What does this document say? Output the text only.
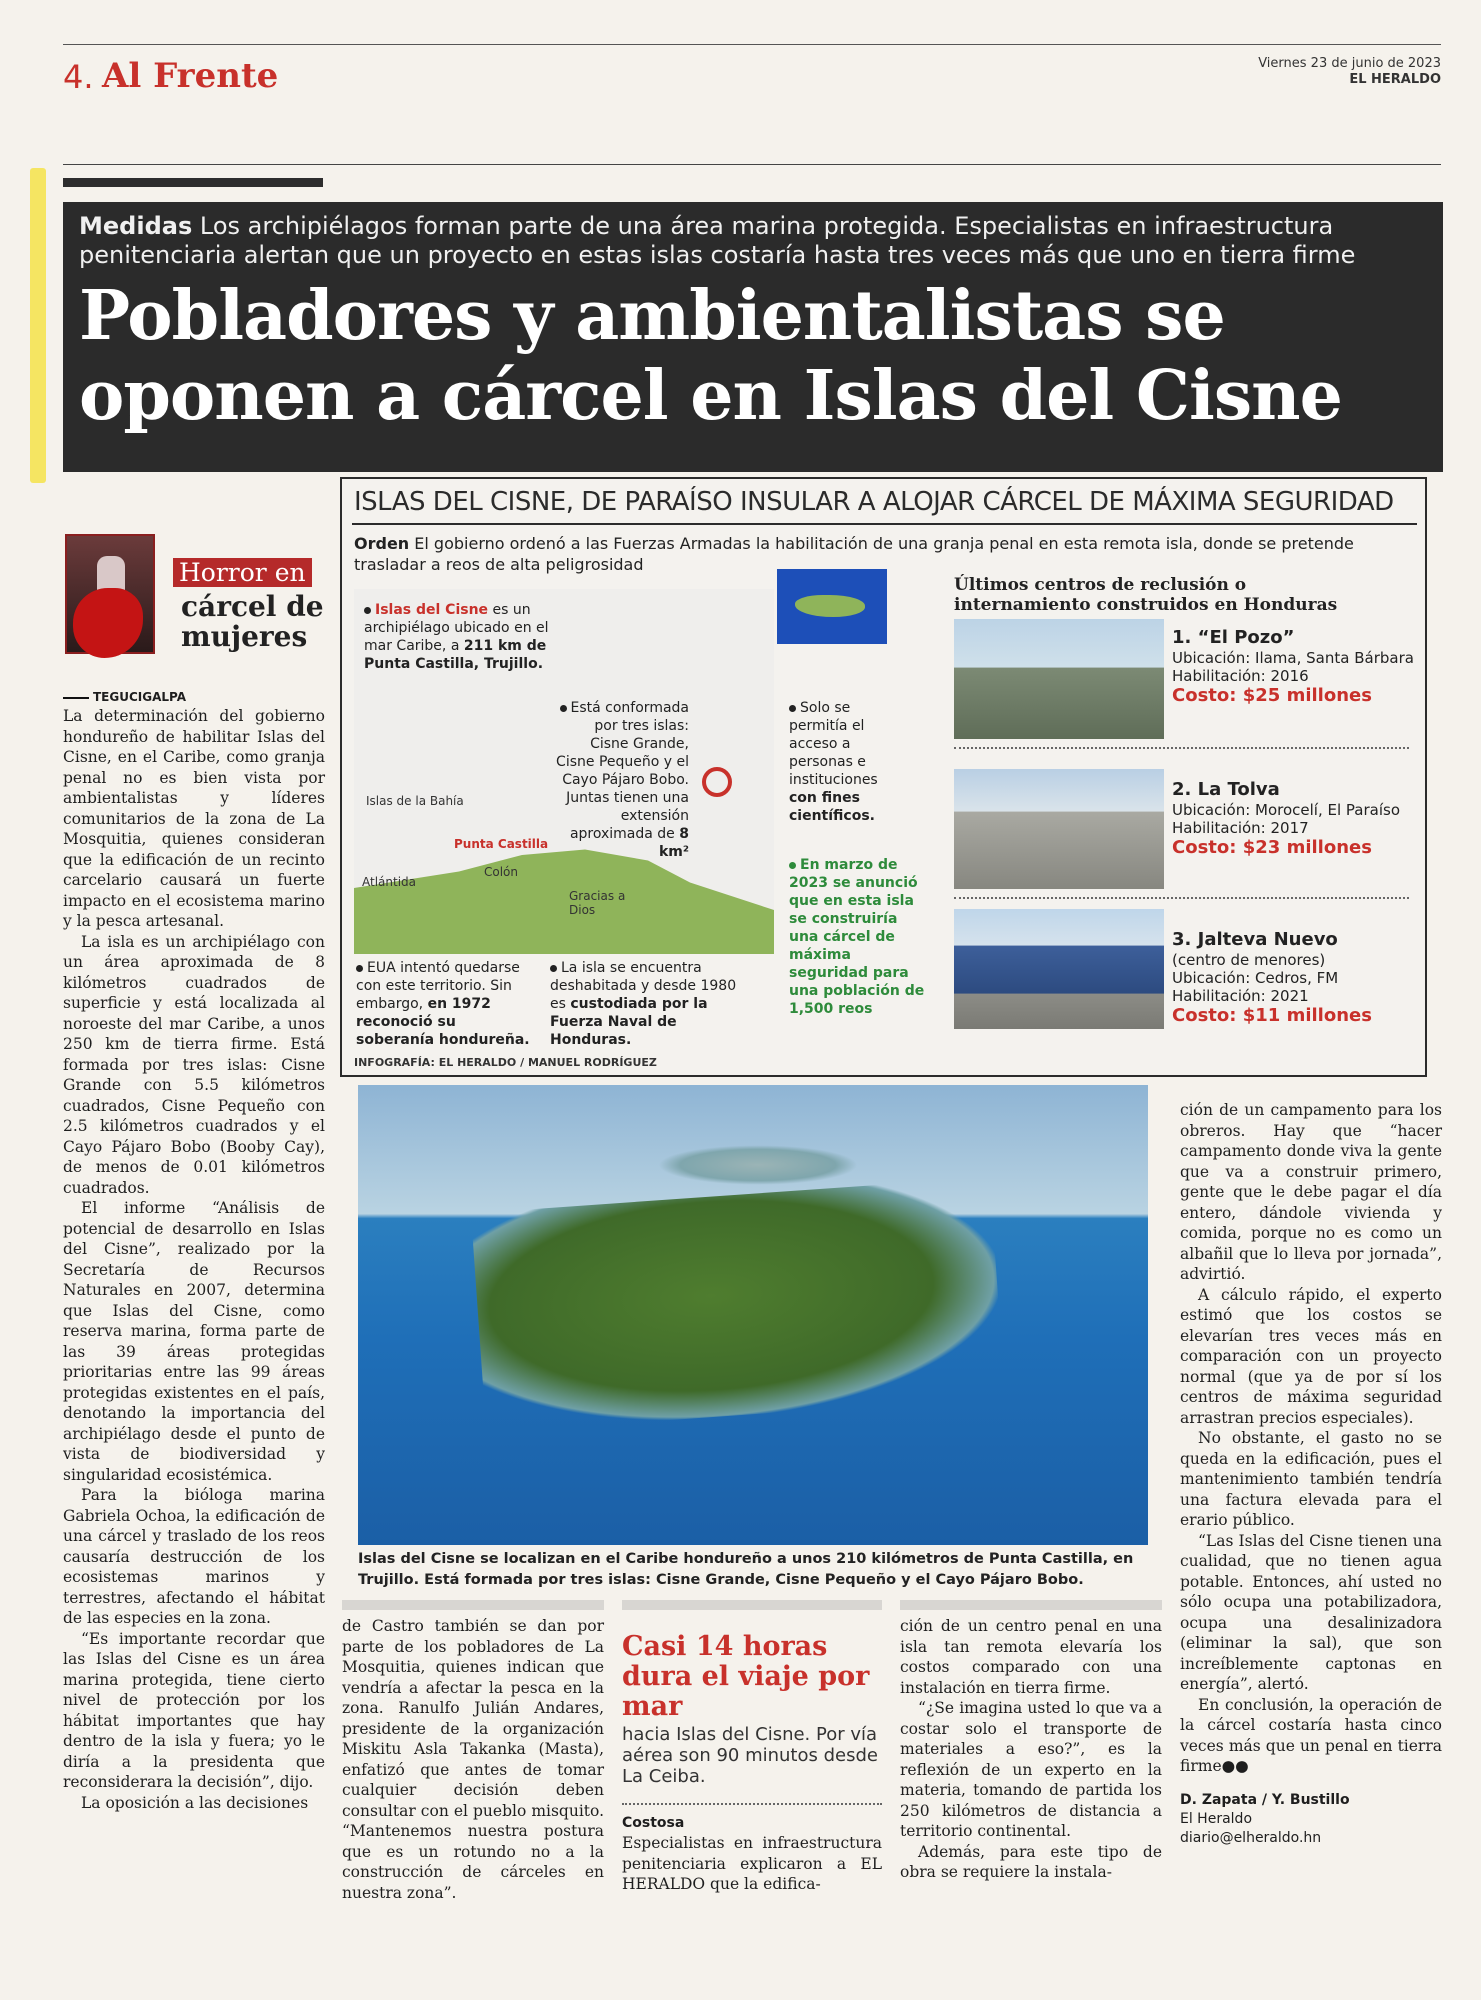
4. Al Frente	Viernes 23 de junio de 2023
EL HERALDO
Medidas Los archipiélagos forman parte de una área marina protegida. Especialistas en infraestructura penitenciaria alertan que un proyecto en estas islas costaría hasta tres veces más que uno en tierra firme
Pobladores y ambientalistas se oponen a cárcel en Islas del Cisne
Horror en
cárcel de mujeres
TEGUCIGALPA

La determinación del gobierno hondureño de habilitar Islas del Cisne, en el Caribe, como granja penal no es bien vista por ambientalistas y líderes comunitarios de la zona de La Mosquitia, quienes consideran que la edificación de un recinto carcelario causará un fuerte impacto en el ecosistema marino y la pesca artesanal.

La isla es un archipiélago con un área aproximada de 8 kilómetros cuadrados de superficie y está localizada al noroeste del mar Caribe, a unos 250 km de tierra firme. Está formada por tres islas: Cisne Grande con 5.5 kilómetros cuadrados, Cisne Pequeño con 2.5 kilómetros cuadrados y el Cayo Pájaro Bobo (Booby Cay), de menos de 0.01 kilómetros cuadrados.

El informe “Análisis de potencial de desarrollo en Islas del Cisne”, realizado por la Secretaría de Recursos Naturales en 2007, determina que Islas del Cisne, como reserva marina, forma parte de las 39 áreas protegidas prioritarias entre las 99 áreas protegidas existentes en el país, denotando la importancia del archipiélago desde el punto de vista de biodiversidad y singularidad ecosistémica.

Para la bióloga marina Gabriela Ochoa, la edificación de una cárcel y traslado de los reos causaría destrucción de los ecosistemas marinos y terrestres, afectando el hábitat de las especies en la zona.

“Es importante recordar que las Islas del Cisne es un área marina protegida, tiene cierto nivel de protección por los hábitat importantes que hay dentro de la isla y fuera; yo le diría a la presidenta que reconsiderara la decisión”, dijo.

La oposición a las decisiones

ISLAS DEL CISNE, DE PARAÍSO INSULAR A ALOJAR CÁRCEL DE MÁXIMA SEGURIDAD
Orden El gobierno ordenó a las Fuerzas Armadas la habilitación de una granja penal en esta remota isla, donde se pretende trasladar a reos de alta peligrosidad
Islas de la Bahía
Punta Castilla
Atlántida
Colón
Gracias a Dios
Islas del Cisne es un archipiélago ubicado en el mar Caribe, a 211 km de Punta Castilla, Trujillo.
Está conformada por tres islas: Cisne Grande, Cisne Pequeño y el Cayo Pájaro Bobo. Juntas tienen una extensión aproximada de 8 km²
Solo se permitía el acceso a personas e instituciones con fines científicos.
En marzo de 2023 se anunció que en esta isla se construiría una cárcel de máxima seguridad para una población de 1,500 reos
EUA intentó quedarse con este territorio. Sin embargo, en 1972 reconoció su soberanía hondureña.
La isla se encuentra deshabitada y desde 1980 es custodiada por la Fuerza Naval de Honduras.
Últimos centros de reclusión o internamiento construidos en Honduras
1. “El Pozo”
Ubicación: Ilama, Santa Bárbara
Habilitación: 2016
Costo: $25 millones
2. La Tolva
Ubicación: Morocelí, El Paraíso
Habilitación: 2017
Costo: $23 millones
3. Jalteva Nuevo
(centro de menores)
Ubicación: Cedros, FM
Habilitación: 2021
Costo: $11 millones
INFOGRAFÍA: EL HERALDO / MANUEL RODRÍGUEZ
Islas del Cisne se localizan en el Caribe hondureño a unos 210 kilómetros de Punta Castilla, en Trujillo. Está formada por tres islas: Cisne Grande, Cisne Pequeño y el Cayo Pájaro Bobo.

de Castro también se dan por parte de los pobladores de La Mosquitia, quienes indican que vendría a afectar la pesca en la zona. Ranulfo Julián Andares, presidente de la organización Miskitu Asla Takanka (Masta), enfatizó que antes de tomar cualquier decisión deben consultar con el pueblo misquito. “Mantenemos nuestra postura que es un rotundo no a la construcción de cárceles en nuestra zona”.

Casi 14 horas dura el viaje por mar
hacia Islas del Cisne. Por vía aérea son 90 minutos desde La Ceiba.
Costosa
Especialistas en infraestructura penitenciaria explicaron a EL HERALDO que la edifica-

ción de un centro penal en una isla tan remota elevaría los costos comparado con una instalación en tierra firme.

“¿Se imagina usted lo que va a costar solo el transporte de materiales a eso?”, es la reflexión de un experto en la materia, tomando de partida los 250 kilómetros de distancia a territorio continental.

Además, para este tipo de obra se requiere la instala-

ción de un campamento para los obreros. Hay que “hacer campamento donde viva la gente que va a construir primero, gente que le debe pagar el día entero, dándole vivienda y comida, porque no es como un albañil que lo lleva por jornada”, advirtió.

A cálculo rápido, el experto estimó que los costos se elevarían tres veces más en comparación con un proyecto normal (que ya de por sí los centros de máxima seguridad arrastran precios especiales).

No obstante, el gasto no se queda en la edificación, pues el mantenimiento también tendría una factura elevada para el erario público.

“Las Islas del Cisne tienen una cualidad, que no tienen agua potable. Entonces, ahí usted no sólo ocupa una potabilizadora, ocupa una desalinizadora (eliminar la sal), que son increíblemente captonas en energía”, alertó.

En conclusión, la operación de la cárcel costaría hasta cinco veces más que un penal en tierra firme●●

D. Zapata / Y. Bustillo
El Heraldo
diario@elheraldo.hn
